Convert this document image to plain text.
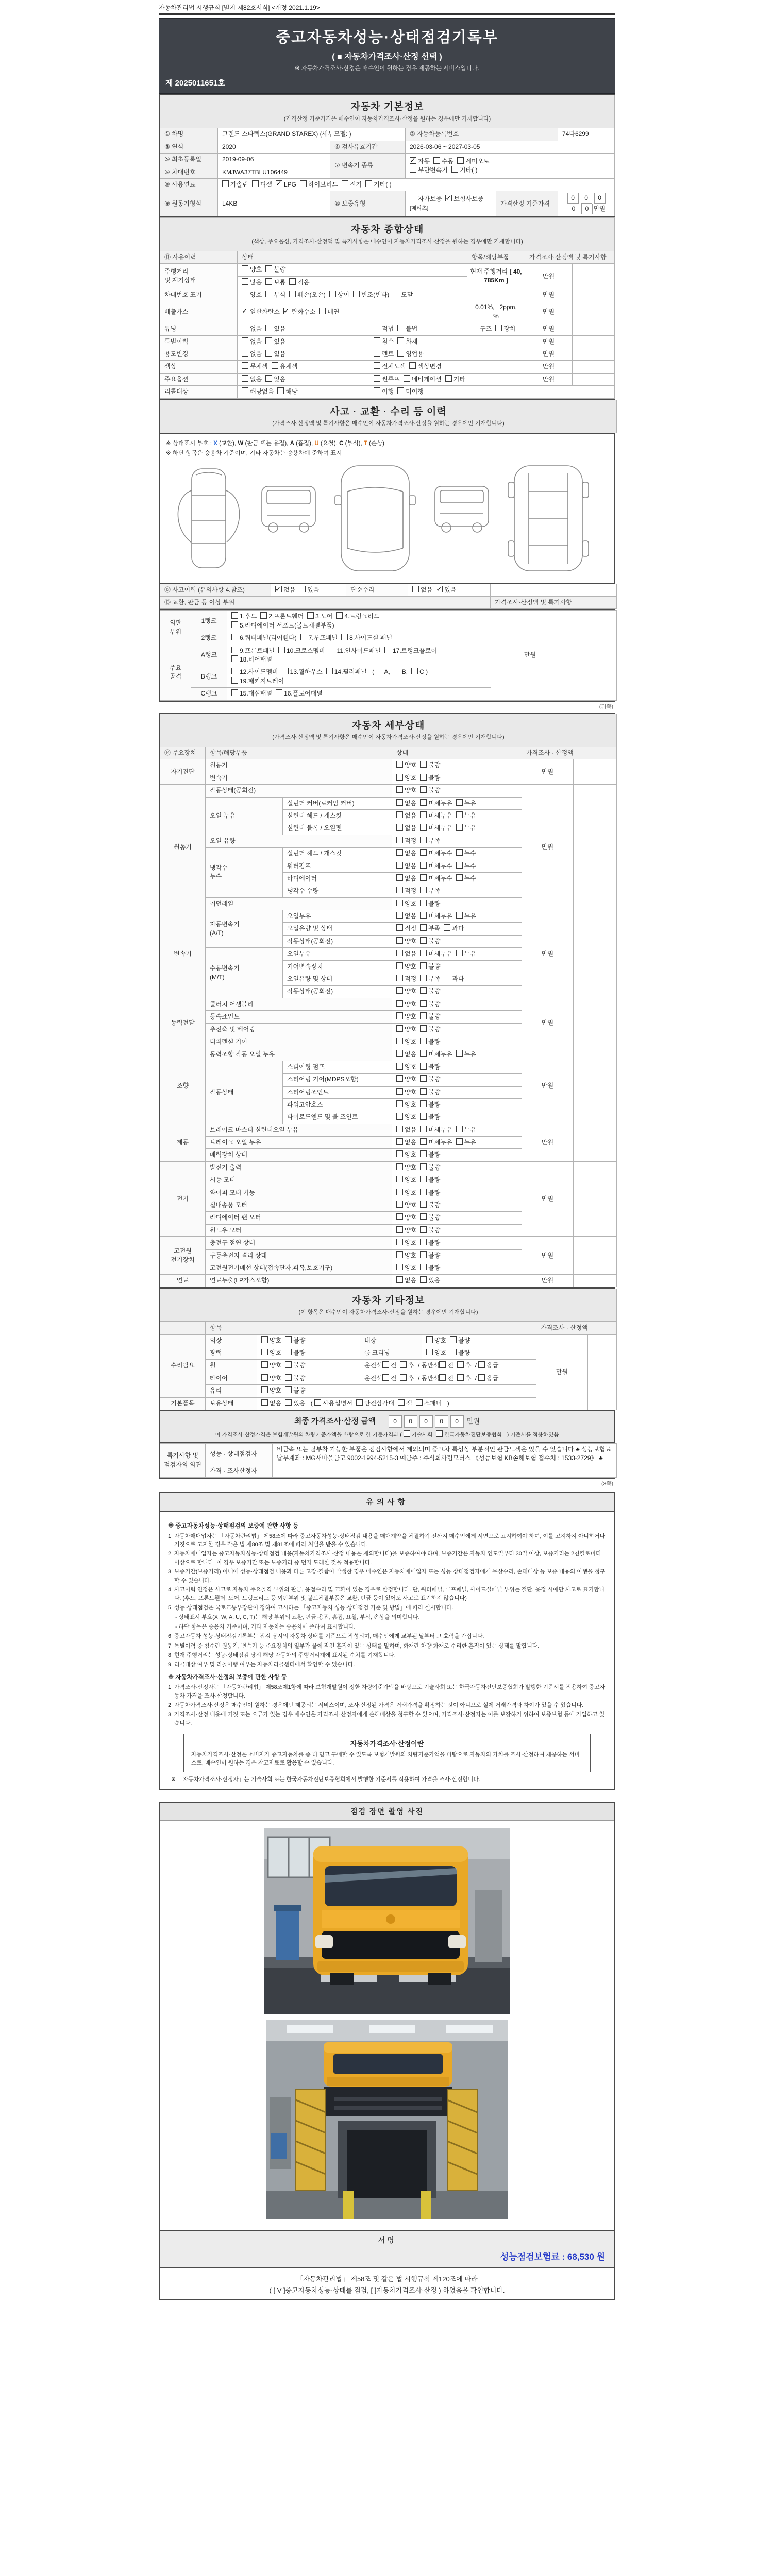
자동차관리법 시행규칙 [별지 제82호서식] <개정 2021.1.19>
중고자동차성능·상태점검기록부
( ■ 자동차가격조사·산정 선택 )
※ 자동차가격조사·산정은 매수인이 원하는 경우 제공하는 서비스입니다.
제 2025011651호
자동차 기본정보
(가격산정 기준가격은 매수인이 자동차가격조사·산정을 원하는 경우에만 기재합니다)					
① 차명	그랜드 스타렉스(GRAND STAREX) (세부모델: )		② 자동차등록번호		74다6299
③ 연식	2020	④ 검사유효기간	2026-03-06 ~ 2027-03-05		
⑤ 최초등록일	2019-09-06	⑦ 변속기 종류	✓자동 수동 세미오토
무단변속기 기타( )
⑥ 차대번호	KMJWA37TBLU106449				
⑧ 사용연료	가솔린 디젤 ✓ LPG 하이브리드 전기 기타( )
⑨ 원동기형식	L4KB	⑩ 보증유형	자가보증 ✓ 보험사보증 [메리츠]	가격산정 기준가격	0 0 00 0 만원
자동차 종합상태
(색상, 주요옵션, 가격조사·산정액 및 특기사항은 매수인이 자동차가격조사·산정을 원하는 경우에만 기재합니다)					
⑪ 사용이력	상태		항목/해당부품	가격조사·산정액 및 특기사항	
주행거리
및 계기상태	양호 불량		현재 주행거리 [ 40,785Km ]	만원	
	많음 보통 적음				
차대번호 표기	양호 부식 훼손(오손) 상이 변조(변타) 도말			만원	
배출가스	✓일산화탄소 ✓ 탄화수소 매연		0.01%,   2ppm,      %	만원	
튜닝	없음 있음	적법 불법	구조 장치	만원	
특별이력	없음 있음	침수 화재		만원	
용도변경	없음 있음	렌트 영업용		만원	
색상	무채색 유채색	전체도색 색상변경		만원	
주요옵션	없음 있음	썬루프 네비게이션 기타		만원	
리콜대상	해당없음 해당	이행 미이행			
사고 · 교환 · 수리 등 이력
(가격조사·산정액 및 특기사항은 매수인이 자동차가격조사·산정을 원하는 경우에만 기재합니다)
※ 상태표시 부호 : X (교환), W (판금 또는 용접), A (흠집), U (요철), C (부식), T (손상)
※ 하단 항목은 승용차 기준이며, 기타 자동차는 승용차에 준하여 표시
⑫ 사고이력 (유의사항 4.참조)	✓없음 있음	단순수리	없음 ✓ 있음	
⑬ 교환, 판금 등 이상 부위				가격조사·산정액 및 특기사항
외판
부위	1랭크	1.후드 2.프론트휀더 3.도어 4.트렁크리드
5.라디에이터 서포트(볼트체결부품)	만원	
	2랭크	6.쿼터패널(리어휀다) 7.루프패널 8.사이드실 패널		
주요
골격	A랭크	9.프론트패널 10.크로스멤버 11.인사이드패널 17.트렁크플로어
18.리어패널		
	B랭크	12.사이드멤버 13.휠하우스 14.필러패널 ( A, B, C )
19.패키지트레이		
	C랭크	15.대쉬패널 16.플로어패널		
(뒤쪽)
자동차 세부상태
(가격조사·산정액 및 특기사항은 매수인이 자동차가격조사·산정을 원하는 경우에만 기재합니다)					
⑭ 주요장치	항목/해당부품		상태	가격조사 · 산정액	
자기진단	원동기		양호 불량	만원	
	변속기		양호 불량		
원동기	작동상태(공회전)		양호 불량	만원	
	오일 누유	실린더 커버(로커암 커버)	없음 미세누유 누유		
		실린더 헤드 / 개스킷	없음 미세누유 누유		
		실린더 블록 / 오일팬	없음 미세누유 누유		
	오일 유량		적정 부족		
	냉각수
누수	실린더 헤드 / 개스킷	없음 미세누수 누수		
		워터펌프	없음 미세누수 누수		
		라디에이터	없음 미세누수 누수		
		냉각수 수량	적정 부족		
	커먼레일		양호 불량		
변속기	자동변속기
(A/T)	오일누유	없음 미세누유 누유	만원	
		오일유량 및 상태	적정 부족 과다		
		작동상태(공회전)	양호 불량		
	수동변속기
(M/T)	오일누유	없음 미세누유 누유		
		기어변속장치	양호 불량		
		오일유량 및 상태	적정 부족 과다		
		작동상태(공회전)	양호 불량		
동력전달	클러치 어셈블리		양호 불량	만원	
	등속죠인트		양호 불량		
	추진축 및 베어링		양호 불량		
	디퍼렌셜 기어		양호 불량		
조향	동력조향 작동 오일 누유		없음 미세누유 누유	만원	
	작동상태	스티어링 펌프	양호 불량		
		스티어링 기어(MDPS포함)	양호 불량		
		스티어링조인트	양호 불량		
		파워고압호스	양호 불량		
		타이로드엔드 및 볼 조인트	양호 불량		
제동	브레이크 마스터 실린더오일 누유		없음 미세누유 누유	만원	
	브레이크 오일 누유		없음 미세누유 누유		
	배력장치 상태		양호 불량		
전기	발전기 출력		양호 불량	만원	
	시동 모터		양호 불량		
	와이퍼 모터 기능		양호 불량		
	실내송풍 모터		양호 불량		
	라디에이터 팬 모터		양호 불량		
	윈도우 모터		양호 불량		
고전원
전기장치	충전구 절연 상태		양호 불량	만원	
	구동축전지 격리 상태		양호 불량		
	고전원전기배선 상태(접속단자,피복,보호기구)		양호 불량		
연료	연료누출(LP가스포함)		없음 있음	만원	
자동차 기타정보
(이 항목은 매수인이 자동차가격조사·산정을 원하는 경우에만 기재합니다)						
	항목				가격조사 · 산정액	
수리필요	외장	양호 불량	내장	양호 불량	만원	
	광택	양호 불량	룸 크리닝	양호 불량		
	휠	양호 불량	운전석 전 후 / 동반석 전 후 / 응급			
	타이어	양호 불량	운전석 전 후 / 동반석 전 후 / 응급			
	유리	양호 불량				
기본품목	보유상태	없음 있음 ( 사용설명서 안전삼각대 잭 스패너 )				
최종 가격조사·산정 금액	0 0 0 0 0 만원
이 가격조사·산정가격은 보험개발원의 차량기준가액을 바탕으로 한 기준가격과 ( 기술사회 한국자동차진단보증협회 ) 기준서를 적용하였음
특기사항 및
점검자의 의견	성능 · 상태점검자	비금속 또는 탈부착 가능한 부품은 점검사항에서 제외되며 중고차 특성상 부분적인 판금도색은 있을 수 있습니다.♣ 성능보험료 납부계좌 : MG새마을금고 9002-1994-5215-3 예금주 : 주식회사팀모터스 《성능보험 KB손해보험 접수처 : 1533-2729》 ♣
	가격 · 조사산정자	
(3쪽)
유의사항
※ 중고자동차성능·상태점검의 보증에 관한 사항 등
1. 자동차매매업자는 「자동차관리법」 제58조에 따라 중고자동차성능·상태점검 내용을 매매계약을 체결하기 전까지 매수인에게 서면으로 고지하여야 하며, 이를 고지하지 아니하거나 거짓으로 고지한 경우 같은 법 제80조 및 제81조에 따라 처벌을 받을 수 있습니다.
2. 자동차매매업자는 중고자동차성능·상태점검 내용(자동차가격조사·산정 내용은 제외합니다)을 보증하여야 하며, 보증기간은 자동차 인도일부터 30일 이상, 보증거리는 2천킬로미터 이상으로 합니다. 이 경우 보증기간 또는 보증거리 중 먼저 도래한 것을 적용합니다.
3. 보증기간(보증거리) 이내에 성능·상태점검 내용과 다른 고장·결함이 발생한 경우 매수인은 자동차매매업자 또는 성능·상태점검자에게 무상수리, 손해배상 등 보증 내용의 이행을 청구할 수 있습니다.
4. 사고이력 인정은 사고로 자동차 주요골격 부위의 판금, 용접수리 및 교환이 있는 경우로 한정합니다. 단, 쿼터패널, 루프패널, 사이드실패널 부위는 절단, 용접 시에만 사고로 표기합니다. (후드, 프론트휀더, 도어, 트렁크리드 등 외판부위 및 볼트체결부품은 교환, 판금 등이 있어도 사고로 표기하지 않습니다)
5. 성능·상태점검은 국토교통부장관이 정하여 고시하는 「중고자동차 성능·상태점검 기준 및 방법」에 따라 실시합니다.
- 상태표시 부호(X, W, A, U, C, T)는 해당 부위의 교환, 판금·용접, 흠집, 요철, 부식, 손상을 의미합니다.
- 하단 항목은 승용차 기준이며, 기타 자동차는 승용차에 준하여 표시합니다.
6. 중고자동차 성능·상태점검기록부는 점검 당시의 자동차 상태를 기준으로 작성되며, 매수인에게 교부된 날부터 그 효력을 가집니다.
7. 특별이력 중 침수란 원동기, 변속기 등 주요장치의 일부가 물에 잠긴 흔적이 있는 상태를 말하며, 화재란 차량 화재로 수리한 흔적이 있는 상태를 말합니다.
8. 현재 주행거리는 성능·상태점검 당시 해당 자동차의 주행거리계에 표시된 수치를 기재합니다.
9. 리콜대상 여부 및 리콜이행 여부는 자동차리콜센터에서 확인할 수 있습니다.
※ 자동차가격조사·산정의 보증에 관한 사항 등
1. 가격조사·산정자는 「자동차관리법」 제58조제1항에 따라 보험개발원이 정한 차량기준가액을 바탕으로 기술사회 또는 한국자동차진단보증협회가 발행한 기준서를 적용하여 중고자동차 가격을 조사·산정합니다.
2. 자동차가격조사·산정은 매수인이 원하는 경우에만 제공되는 서비스이며, 조사·산정된 가격은 거래가격을 확정하는 것이 아니므로 실제 거래가격과 차이가 있을 수 있습니다.
3. 가격조사·산정 내용에 거짓 또는 오류가 있는 경우 매수인은 가격조사·산정자에게 손해배상을 청구할 수 있으며, 가격조사·산정자는 이를 보장하기 위하여 보증보험 등에 가입하고 있습니다.
자동차가격조사·산정이란
자동차가격조사·산정은 소비자가 중고자동차를 좀 더 믿고 구매할 수 있도록 보험개발원의 차량기준가액을 바탕으로 자동차의 가치를 조사·산정하여 제공하는 서비스로, 매수인이 원하는 경우 참고자료로 활용할 수 있습니다.
※ 「자동차가격조사·산정자」는 기술사회 또는 한국자동차진단보증협회에서 발행한 기준서를 적용하여 가격을 조사·산정합니다.
점검 장면 촬영 사진
서명
성능점검보험료 : 68,530 원
「자동차관리법」 제58조 및 같은 법 시행규칙 제120조에 따라
( [ V ]중고자동차성능·상태를 점검, [ ]자동차가격조사·산정 ) 하였음을 확인합니다.
